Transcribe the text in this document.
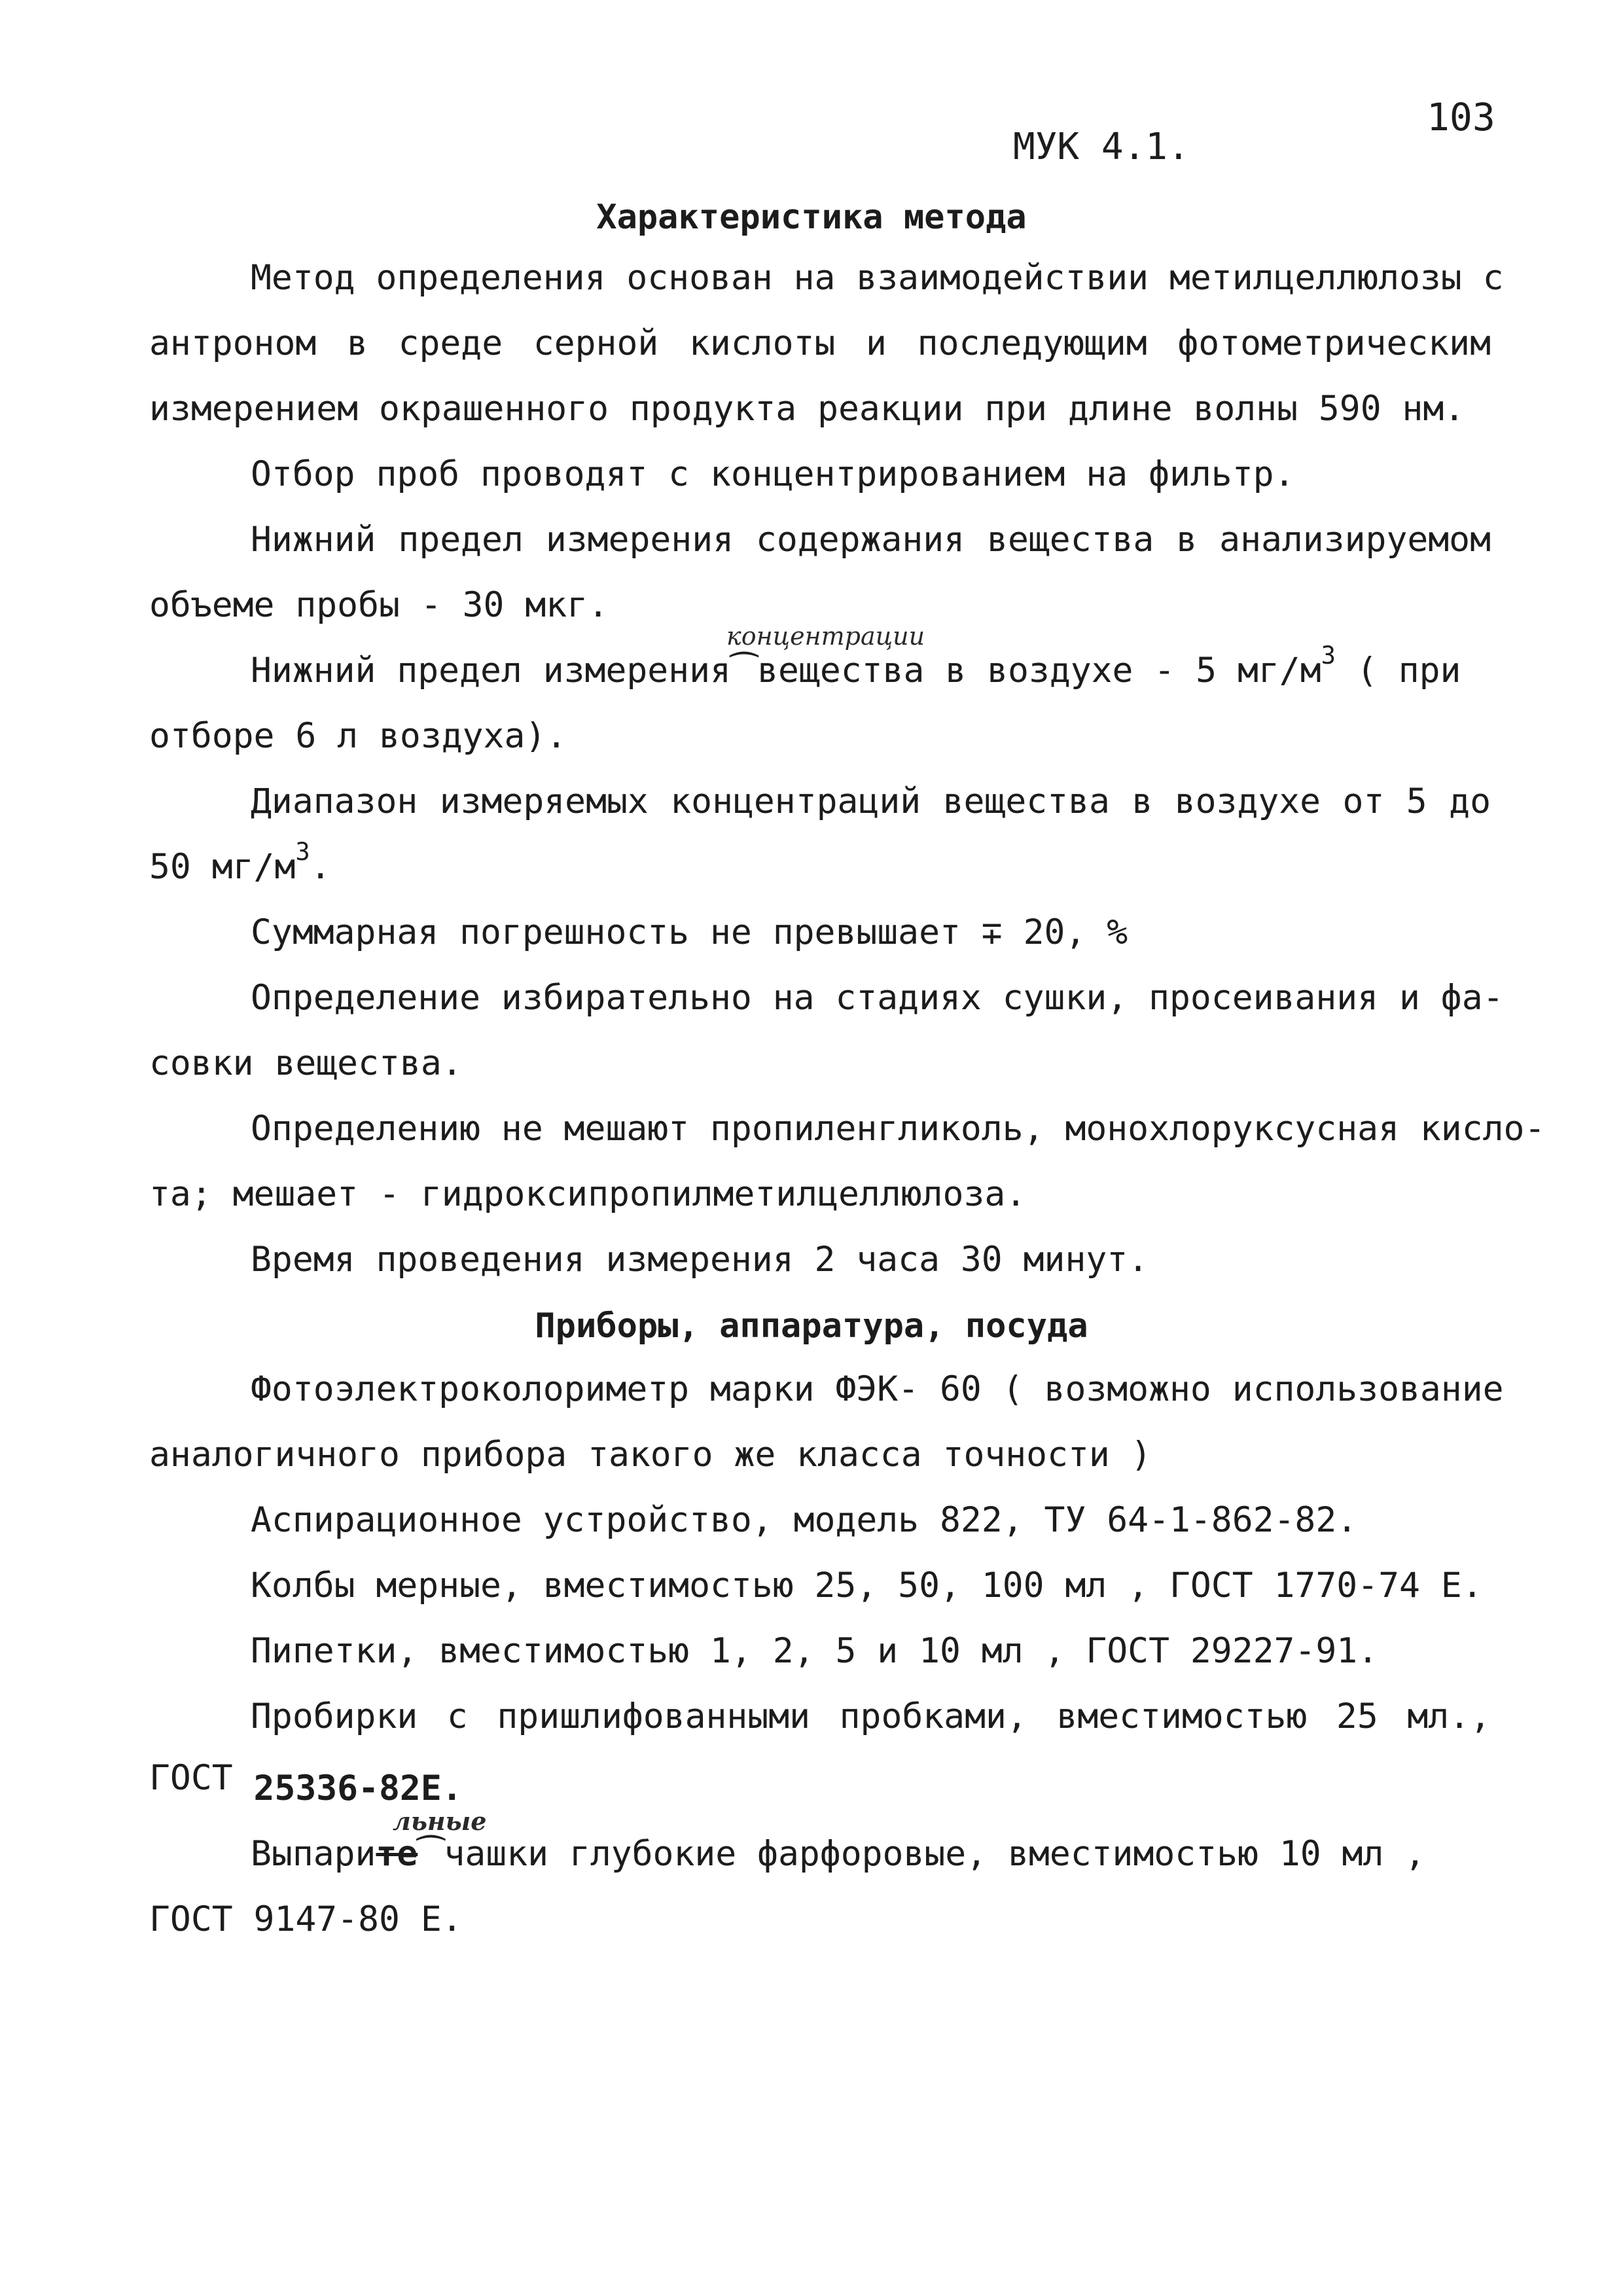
103
МУК 4.1.
Характеристика метода
Метод определения основан на взаимодействии метилцеллюлозы с
антроном в среде серной кислоты и последующим фотометрическим
измерением окрашенного продукта реакции при длине волны 590 нм.
Отбор проб проводят с концентрированием на фильтр.
Нижний предел измерения содержания вещества в анализируемом
объеме пробы - 30 мкг.
концентрации
Нижний предел измерения⁀вещества в воздухе - 5 $мг/м^3$ ( при
отборе 6 л воздуха).
Диапазон измеряемых концентраций вещества в воздухе от 5 до
50 $мг/м^3$.
Суммарная погрешность не превышает ∓ 20, %
Определение избирательно на стадиях сушки, просеивания и фа-
совки вещества.
Определению не мешают пропиленгликоль, монохлоруксусная кисло-
та; мешает - гидроксипропилметилцеллюлоза.
Время проведения измерения 2 часа 30 минут.
Приборы, аппаратура, посуда
Фотоэлектроколориметр марки ФЭК- 60 ( возможно использование
аналогичного прибора такого же класса точности )
Аспирационное устройство, модель 822, ТУ 64-1-862-82.
Колбы мерные, вместимостью 25, 50, 100 мл , ГОСТ 1770-74 Е.
Пипетки, вместимостью 1, 2, 5 и 10 мл , ГОСТ 29227-91.
Пробирки с пришлифованными пробками, вместимостью 25 мл.,
ГОСТ 25336-82Е.
льные
Выпарите⁀чашки глубокие фарфоровые, вместимостью 10 мл ,
ГОСТ 9147-80 Е.
